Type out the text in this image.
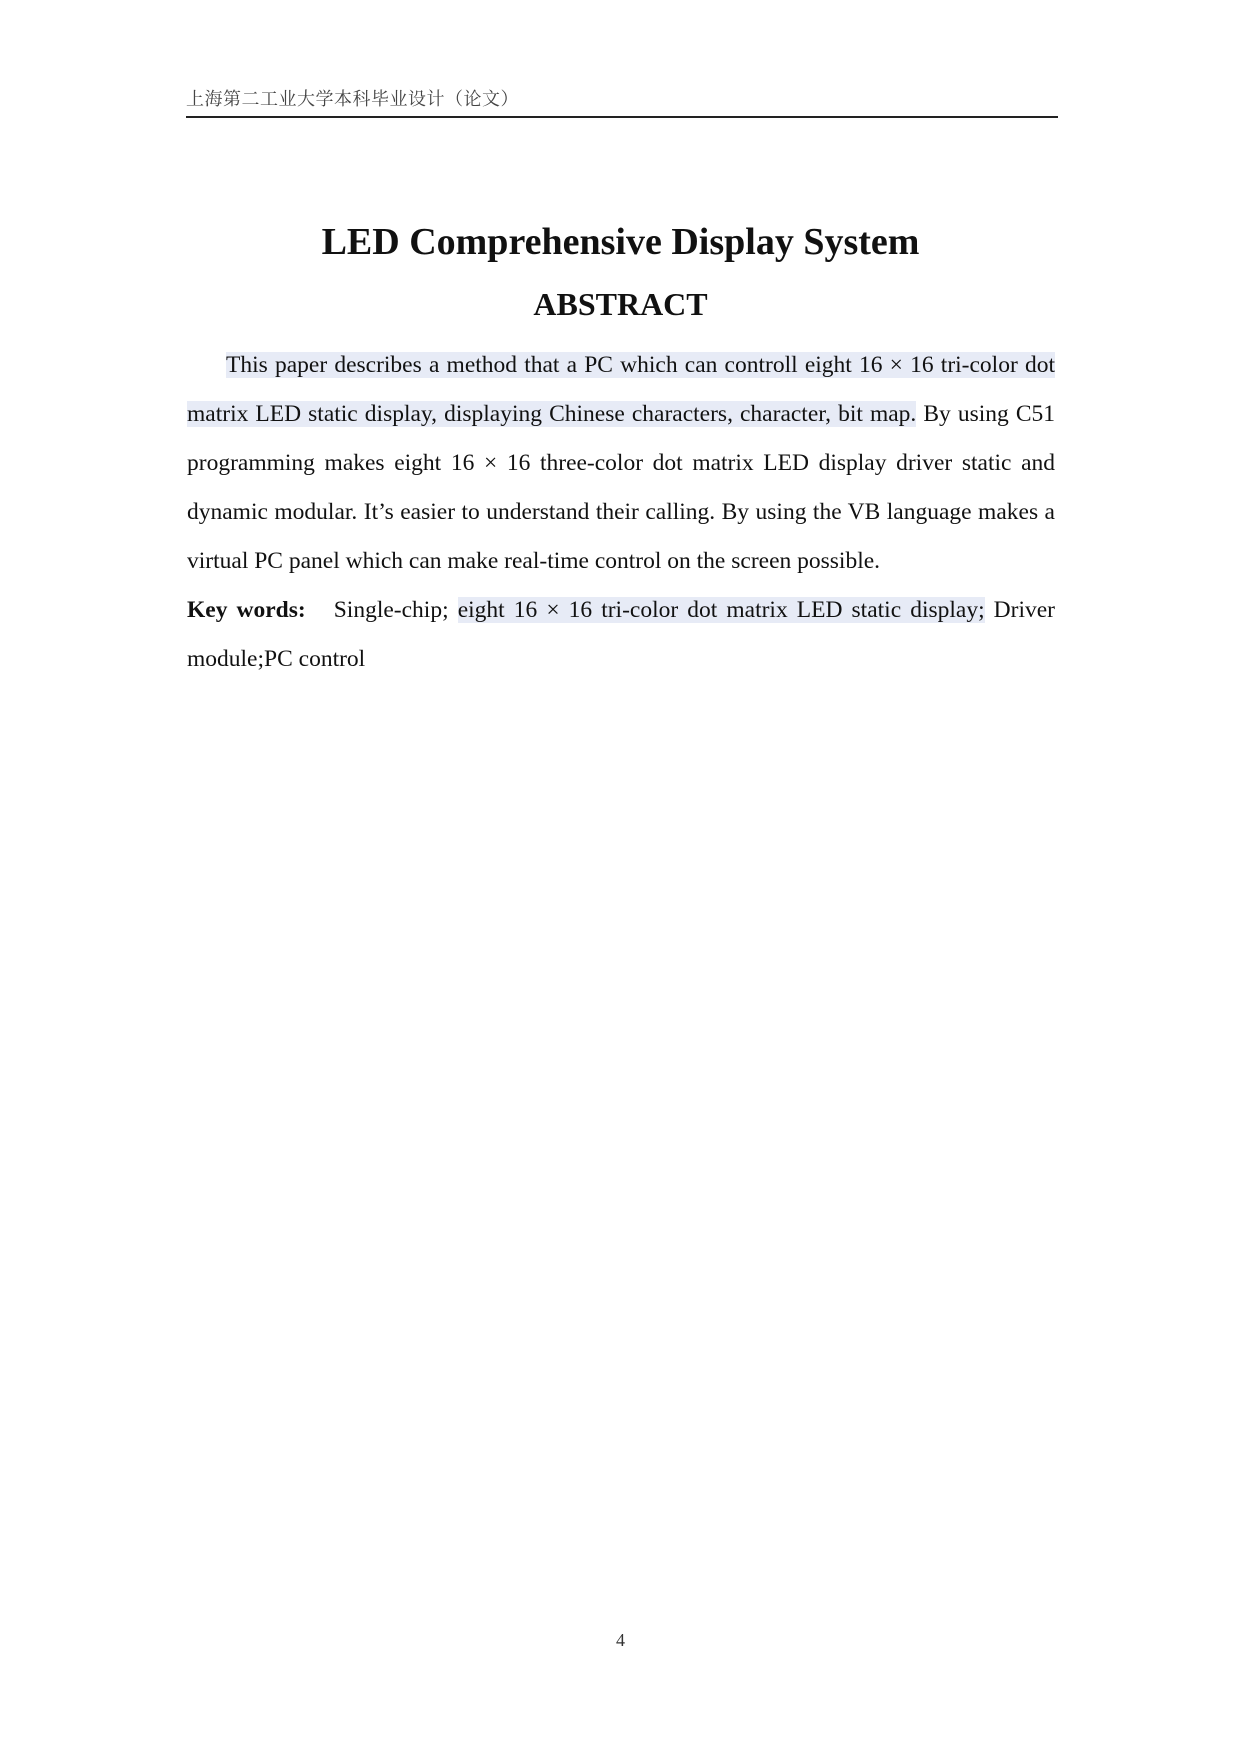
上海第二工业大学本科毕业设计（论文）
LED Comprehensive Display System
ABSTRACT

This paper describes a method that a PC which can controll eight 16 × 16 tri-color dot matrix LED static display, displaying Chinese characters, character, bit map. By using C51 programming makes eight 16 × 16 three-color dot matrix LED display driver static and dynamic modular. It’s easier to understand their calling. By using the VB language makes a virtual PC panel which can make real-time control on the screen possible.

Key words: Single-chip; eight 16 × 16 tri-color dot matrix LED static display; Driver module;PC control

4
